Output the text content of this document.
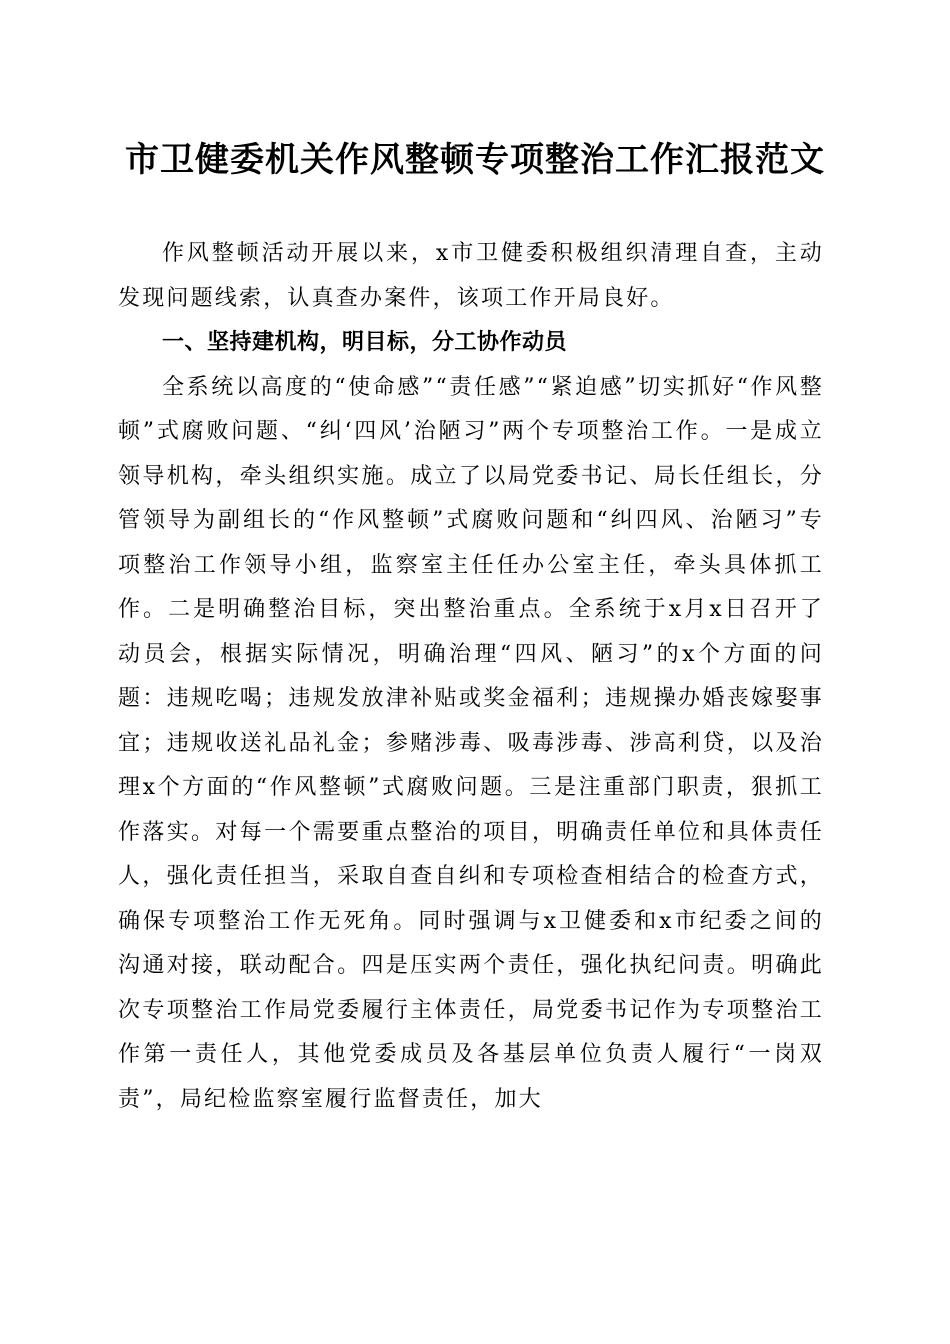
市卫健委机关作风整顿专项整治工作汇报范文

作风整顿活动开展以来，x市卫健委积极组织清理自查，主动发现问题线索，认真查办案件，该项工作开局良好。

一、坚持建机构，明目标，分工协作动员

全系统以高度的“使命感”“责任感”“紧迫感”切实抓好“作风整顿”式腐败问题、“纠‘四风’治陋习”两个专项整治工作。一是成立领导机构，牵头组织实施。成立了以局党委书记、局长任组长，分管领导为副组长的“作风整顿”式腐败问题和“纠四风、治陋习”专项整治工作领导小组，监察室主任任办公室主任，牵头具体抓工作。二是明确整治目标，突出整治重点。全系统于x月x日召开了动员会，根据实际情况，明确治理“四风、陋习”的x个方面的问题：违规吃喝；违规发放津补贴或奖金福利；违规操办婚丧嫁娶事宜；违规收送礼品礼金；参赌涉毒、吸毒涉毒、涉高利贷，以及治理x个方面的“作风整顿”式腐败问题。三是注重部门职责，狠抓工作落实。对每一个需要重点整治的项目，明确责任单位和具体责任人，强化责任担当，采取自查自纠和专项检查相结合的检查方式，确保专项整治工作无死角。同时强调与x卫健委和x市纪委之间的沟通对接，联动配合。四是压实两个责任，强化执纪问责。明确此次专项整治工作局党委履行主体责任，局党委书记作为专项整治工作第一责任人，其他党委成员及各基层单位负责人履行“一岗双责”，局纪检监察室履行监督责任，加大
